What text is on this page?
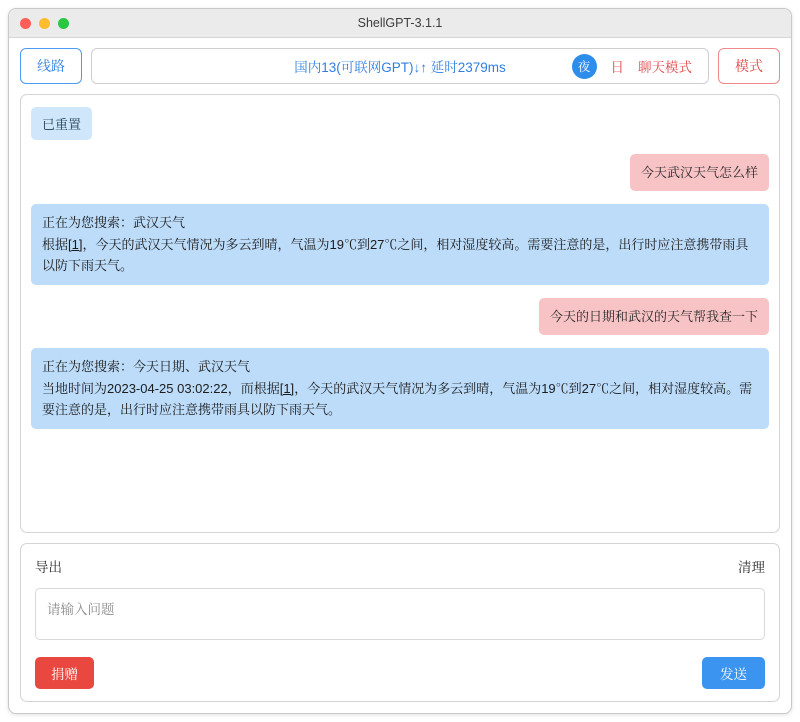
ShellGPT-3.1.1
线路	国内13(可联网GPT)↓↑ 延时2379ms	夜	日 聊天模式	模式
已重置
今天武汉天气怎么样
正在为您搜索：武汉天气
根据[1]，今天的武汉天气情况为多云到晴，气温为19℃到27℃之间，相对湿度较高。需要注意的是，出行时应注意携带雨具以防下雨天气。
今天的日期和武汉的天气帮我查一下
正在为您搜索：今天日期、武汉天气
当地时间为2023-04-25 03:02:22，而根据[1]，今天的武汉天气情况为多云到晴，气温为19℃到27℃之间，相对湿度较高。需要注意的是，出行时应注意携带雨具以防下雨天气。
导出	清理
请输入问题
捐赠	发送
